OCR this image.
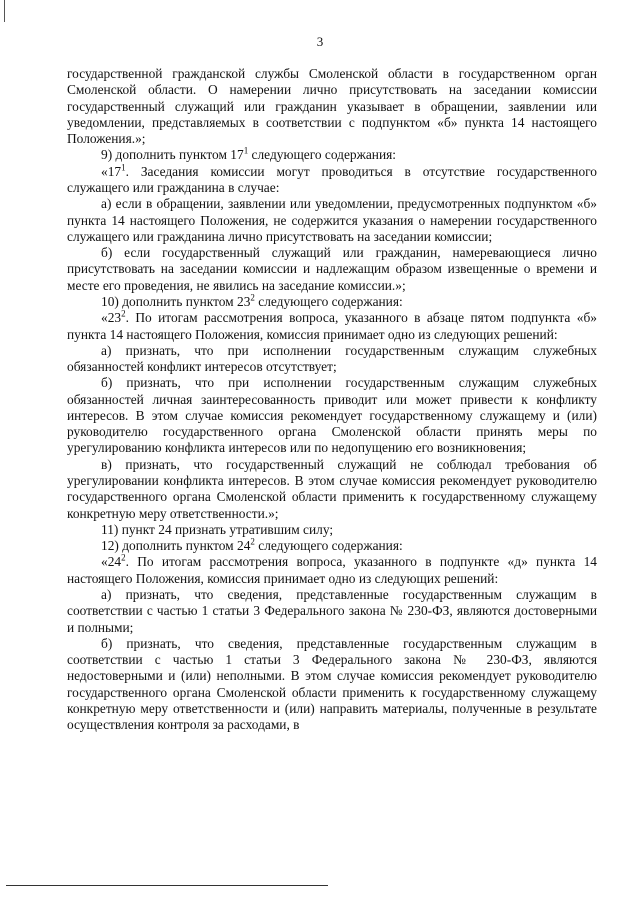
3

государственной гражданской службы Смоленской области в государственном орган Смоленской области. О намерении лично присутствовать на заседании комиссии государственный служащий или гражданин указывает в обращении, заявлении или уведомлении, представляемых в соответствии с подпунктом «б» пункта 14 настоящего Положения.»;

9) дополнить пунктом $17^1$ следующего содержания:

«$17^1$. Заседания комиссии могут проводиться в отсутствие государственного служащего или гражданина в случае:

а) если в обращении, заявлении или уведомлении, предусмотренных подпунктом «б» пункта 14 настоящего Положения, не содержится указания о намерении государственного служащего или гражданина лично присутствовать на заседании комиссии;

б) если государственный служащий или гражданин, намеревающиеся лично присутствовать на заседании комиссии и надлежащим образом извещенные о времени и месте его проведения, не явились на заседание комиссии.»;

10) дополнить пунктом $23^2$ следующего содержания:

«$23^2$. По итогам рассмотрения вопроса, указанного в абзаце пятом подпункта «б» пункта 14 настоящего Положения, комиссия принимает одно из следующих решений:

а) признать, что при исполнении государственным служащим служебных обязанностей конфликт интересов отсутствует;

б) признать, что при исполнении государственным служащим служебных обязанностей личная заинтересованность приводит или может привести к конфликту интересов. В этом случае комиссия рекомендует государственному служащему и (или) руководителю государственного органа Смоленской области принять меры по урегулированию конфликта интересов или по недопущению его возникновения;

в) признать, что государственный служащий не соблюдал требования об урегулировании конфликта интересов. В этом случае комиссия рекомендует руководителю государственного органа Смоленской области применить к государственному служащему конкретную меру ответственности.»;

11) пункт 24 признать утратившим силу;

12) дополнить пунктом $24^2$ следующего содержания:

«$24^2$. По итогам рассмотрения вопроса, указанного в подпункте «д» пункта 14 настоящего Положения, комиссия принимает одно из следующих решений:

а) признать, что сведения, представленные государственным служащим в соответствии с частью 1 статьи 3 Федерального закона № 230-ФЗ, являются достоверными и полными;

б) признать, что сведения, представленные государственным служащим в соответствии с частью 1 статьи 3 Федерального закона № 230-ФЗ, являются недостоверными и (или) неполными. В этом случае комиссия рекомендует руководителю государственного органа Смоленской области применить к государственному служащему конкретную меру ответственности и (или) направить материалы, полученные в результате осуществления контроля за расходами, в
